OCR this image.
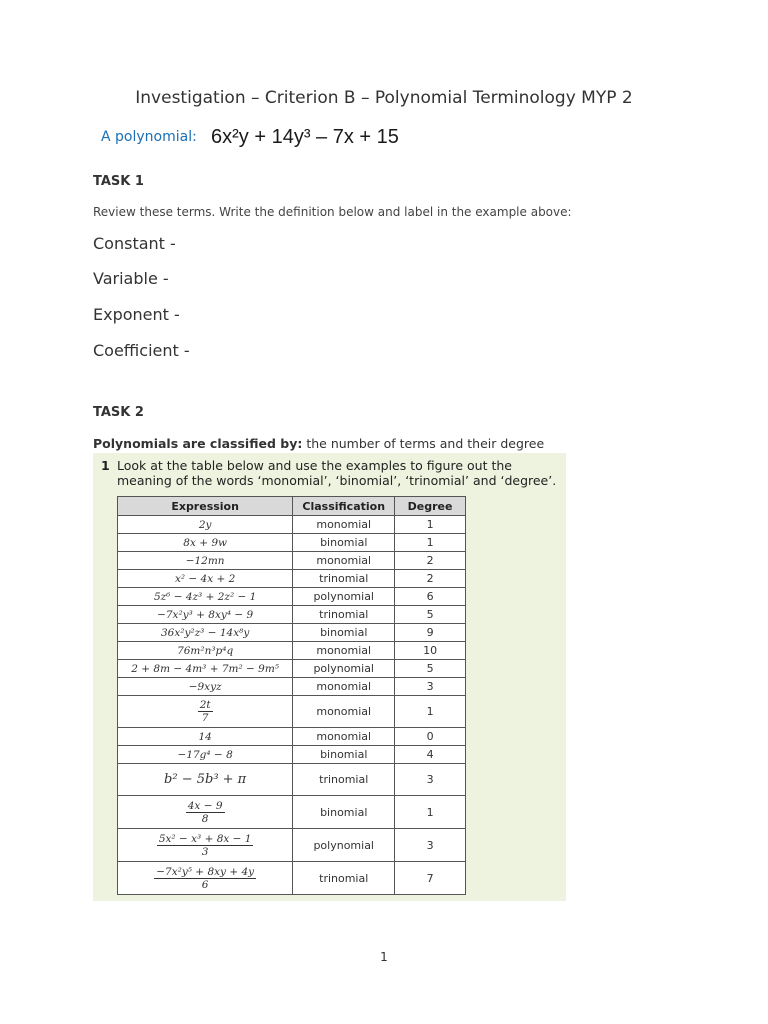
Investigation – Criterion B – Polynomial Terminology MYP 2
A polynomial: 6x²y + 14y³ – 7x + 15
TASK 1
Review these terms. Write the definition below and label in the example above:
Constant -
Variable -
Exponent -
Coefficient -
TASK 2
Polynomials are classified by: the number of terms and their degree
1 Look at the table below and use the examples to figure out the meaning of the words ‘monomial’, ‘binomial’, ‘trinomial’ and ‘degree’.
Expression	Classification	Degree
2y	monomial	1
8x + 9w	binomial	1
−12mn	monomial	2
x² − 4x + 2	trinomial	2
5z⁶ − 4z³ + 2z² − 1	polynomial	6
−7x²y³ + 8xy⁴ − 9	trinomial	5
36x²y²z³ − 14x⁸y	binomial	9
76m²n³p⁴q	monomial	10
2 + 8m − 4m³ + 7m² − 9m⁵	polynomial	5
−9xyz	monomial	3

$\frac{2t}{7}$	monomial	1
14	monomial	0
−17g⁴ − 8	binomial	4
b² − 5b³ + π	trinomial	3

$\frac{4x - 9}{8}$	binomial	1

$\frac{\text{5x² − x³ + 8x − 1}}{3}$	polynomial	3

$\frac{\text{−7x²y⁵ + 8xy + 4y}}{6}$	trinomial	7
1
